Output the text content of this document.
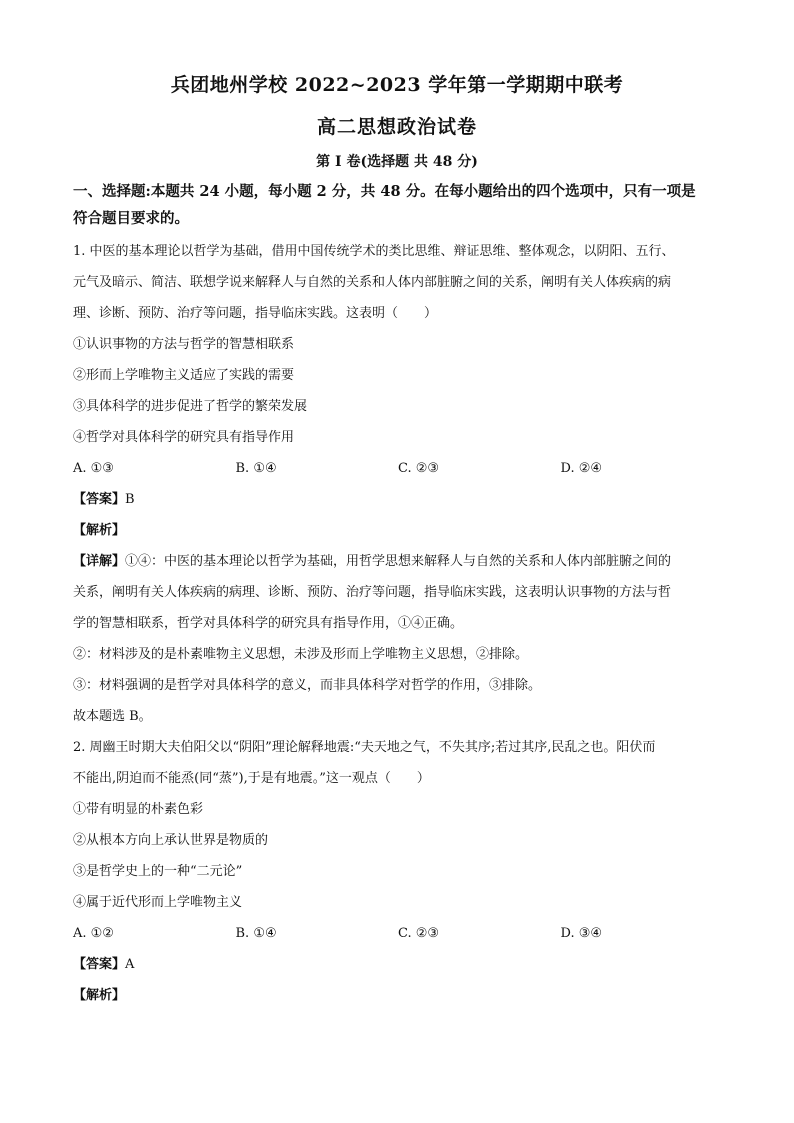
兵团地州学校 2022~2023 学年第一学期期中联考
高二思想政治试卷
第 I 卷(选择题 共 48 分)
一、选择题:本题共 24 小题，每小题 2 分，共 48 分。在每小题给出的四个选项中，只有一项是
符合题目要求的。

1. 中医的基本理论以哲学为基础，借用中国传统学术的类比思维、辩证思维、整体观念，以阴阳、五行、

元气及暗示、简洁、联想学说来解释人与自然的关系和人体内部脏腑之间的关系，阐明有关人体疾病的病

理、诊断、预防、治疗等问题，指导临床实践。这表明（　　）

①认识事物的方法与哲学的智慧相联系

②形而上学唯物主义适应了实践的需要

③具体科学的进步促进了哲学的繁荣发展

④哲学对具体科学的研究具有指导作用

A. ①③	B. ①④	C. ②③	D. ②④

【答案】B

【解析】

【详解】①④：中医的基本理论以哲学为基础，用哲学思想来解释人与自然的关系和人体内部脏腑之间的

关系，阐明有关人体疾病的病理、诊断、预防、治疗等问题，指导临床实践，这表明认识事物的方法与哲

学的智慧相联系，哲学对具体科学的研究具有指导作用，①④正确。

②：材料涉及的是朴素唯物主义思想，未涉及形而上学唯物主义思想，②排除。

③：材料强调的是哲学对具体科学的意义，而非具体科学对哲学的作用，③排除。

故本题选 B。

2. 周幽王时期大夫伯阳父以“阴阳”理论解释地震:“夫天地之气，不失其序;若过其序,民乱之也。阳伏而

不能出,阴迫而不能烝(同“蒸”),于是有地震。”这一观点（　　）

①带有明显的朴素色彩

②从根本方向上承认世界是物质的

③是哲学史上的一种“二元论”

④属于近代形而上学唯物主义

A. ①②	B. ①④	C. ②③	D. ③④

【答案】A

【解析】
